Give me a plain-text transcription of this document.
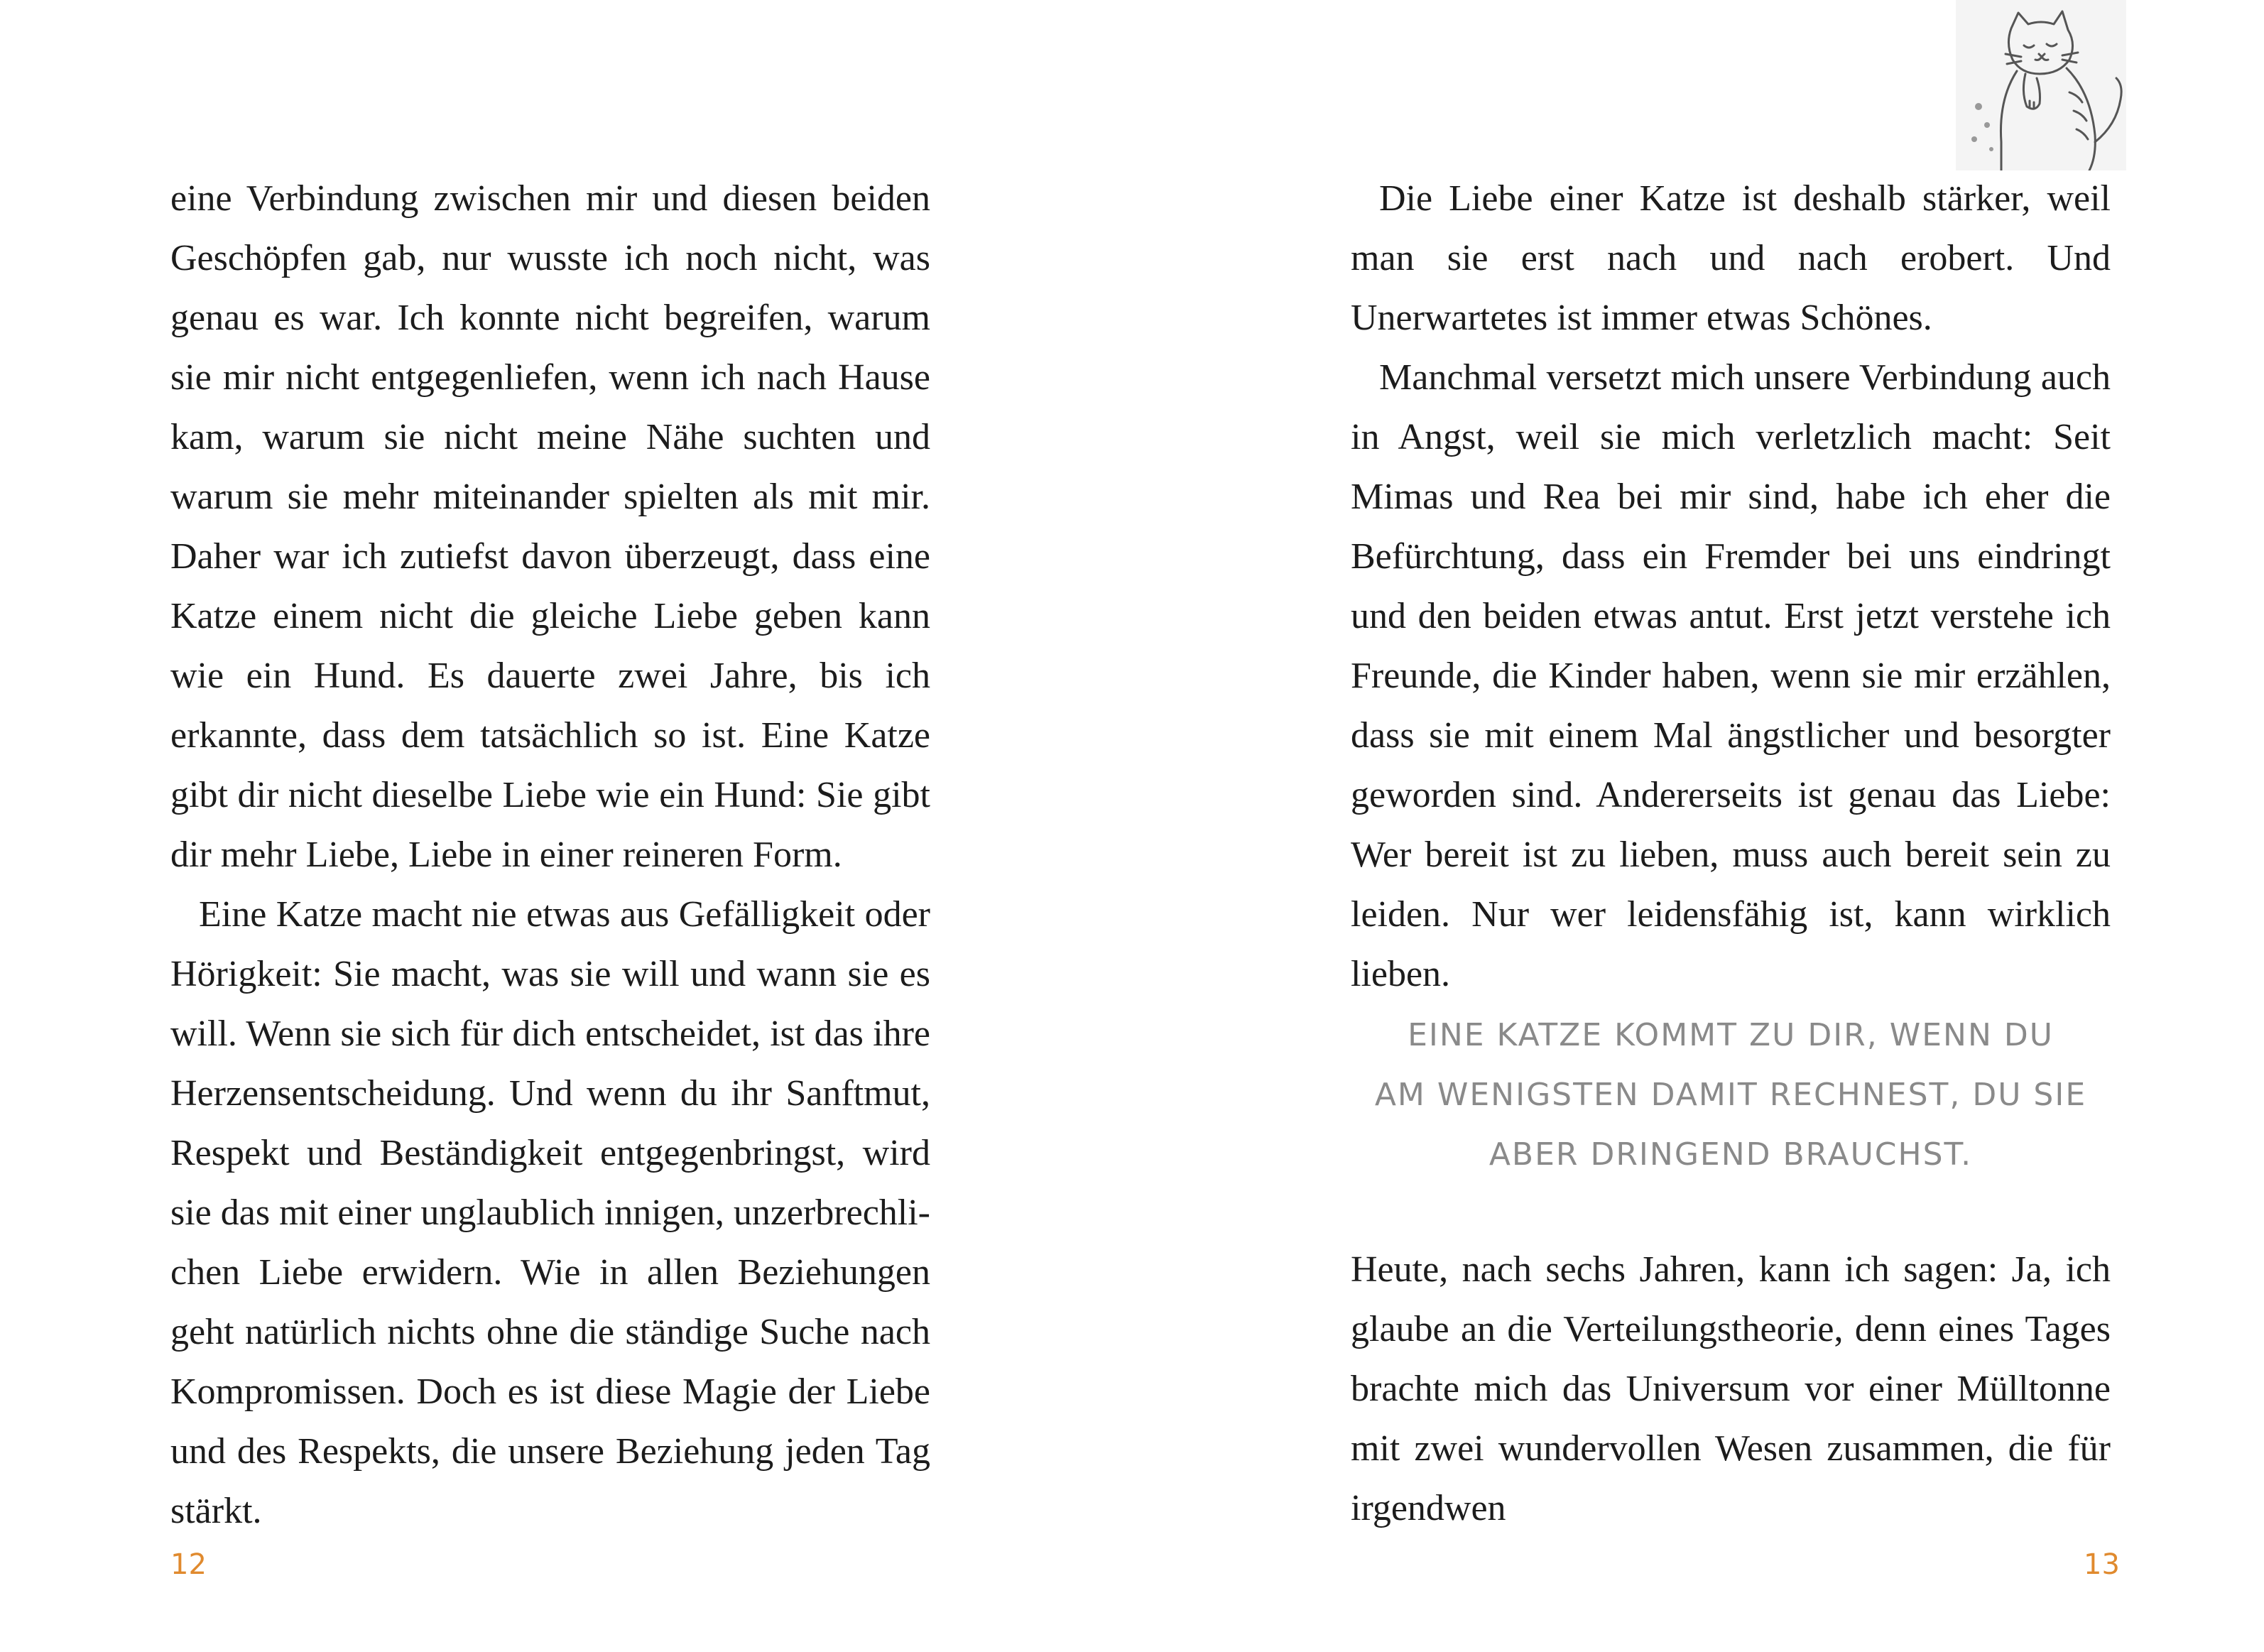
eine Verbindung zwischen mir und diesen beiden Geschöpfen gab, nur wusste ich noch nicht, was genau es war. Ich konnte nicht begreifen, warum sie mir nicht entgegenliefen, wenn ich nach Hause kam, warum sie nicht meine Nähe suchten und warum sie mehr miteinander spielten als mit mir. Daher war ich zutiefst davon überzeugt, dass eine Katze einem nicht die gleiche Liebe geben kann wie ein Hund. Es dauerte zwei Jahre, bis ich erkannte, dass dem tatsächlich so ist. Eine Katze gibt dir nicht dieselbe Liebe wie ein Hund: Sie gibt dir mehr Liebe, Liebe in einer reineren Form.

Eine Katze macht nie etwas aus Gefälligkeit oder Hörigkeit: Sie macht, was sie will und wann sie es will. Wenn sie sich für dich entscheidet, ist das ihre Herzensentscheidung. Und wenn du ihr Sanftmut, Respekt und Beständigkeit entgegenbringst, wird sie das mit einer unglaublich innigen, unzerbrechlichen Liebe erwidern. Wie in allen Beziehungen geht natürlich nichts ohne die ständige Suche nach Kompromissen. Doch es ist diese Magie der Liebe und des Respekts, die unsere Beziehung jeden Tag stärkt.

12

Die Liebe einer Katze ist deshalb stärker, weil man sie erst nach und nach erobert. Und Unerwartetes ist immer etwas Schönes.

Manchmal versetzt mich unsere Verbindung auch in Angst, weil sie mich verletzlich macht: Seit Mimas und Rea bei mir sind, habe ich eher die Befürchtung, dass ein Fremder bei uns eindringt und den beiden etwas antut. Erst jetzt verstehe ich Freunde, die Kinder haben, wenn sie mir erzählen, dass sie mit einem Mal ängstlicher und besorgter geworden sind. Andererseits ist genau das Liebe: Wer bereit ist zu lieben, muss auch bereit sein zu leiden. Nur wer leidensfähig ist, kann wirklich lieben.

EINE KATZE KOMMT ZU DIR, WENN DU
AM WENIGSTEN DAMIT RECHNEST, DU SIE
ABER DRINGEND BRAUCHST.

Heute, nach sechs Jahren, kann ich sagen: Ja, ich glaube an die Verteilungstheorie, denn eines Tages brachte mich das Universum vor einer Mülltonne mit zwei wundervollen Wesen zusammen, die für irgendwen

13
